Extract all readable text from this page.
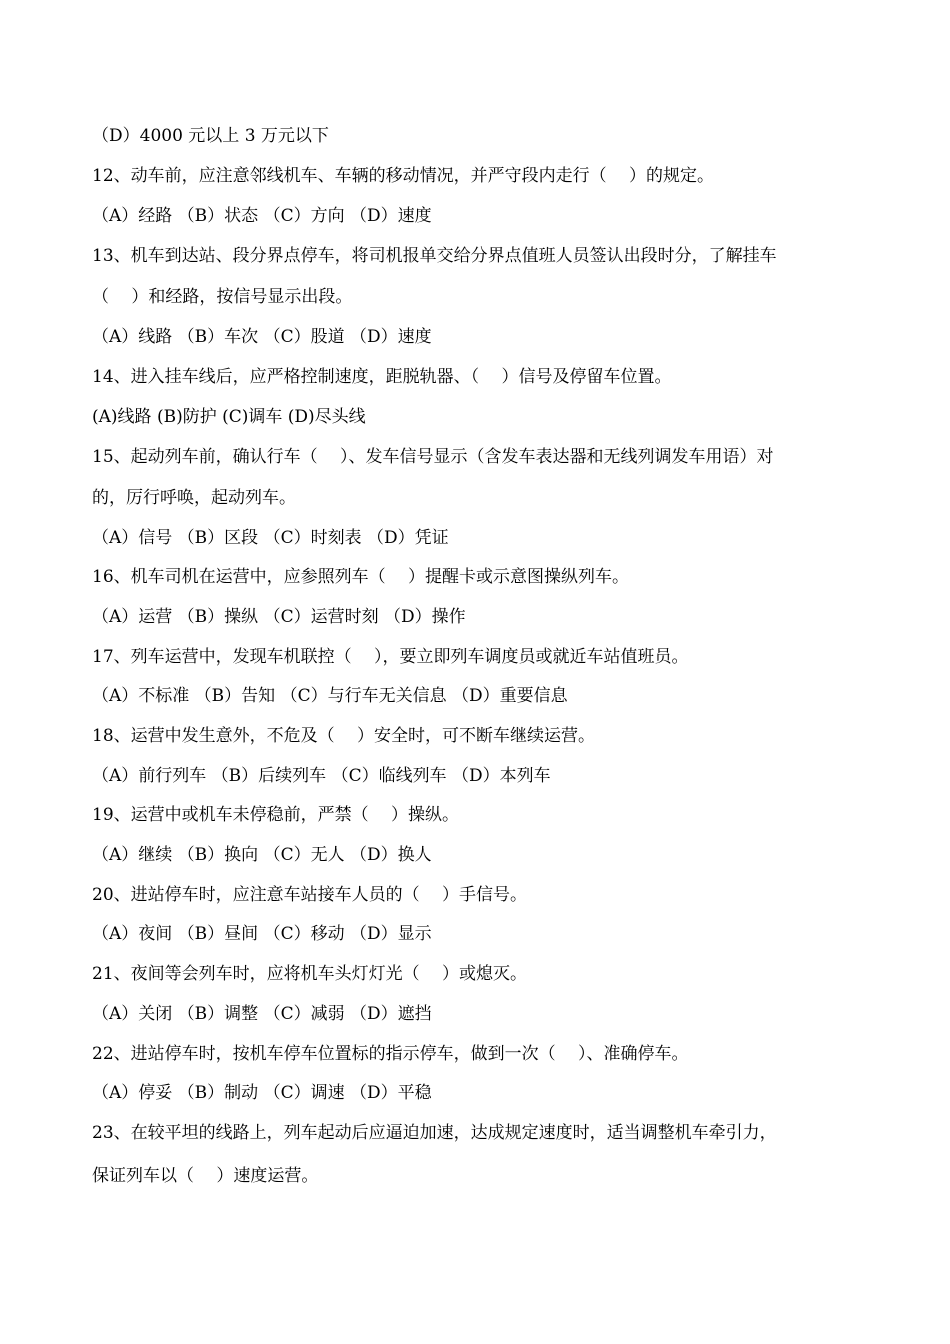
（D）4000 元以上 3 万元以下
12、动车前，应注意邻线机车、车辆的移动情况，并严守段内走行（　 ）的规定。
（A）经路 （B）状态 （C）方向 （D）速度
13、机车到达站、段分界点停车，将司机报单交给分界点值班人员签认出段时分，了解挂车
（　 ）和经路，按信号显示出段。
（A）线路 （B）车次 （C）股道 （D）速度
14、进入挂车线后，应严格控制速度，距脱轨器、（　 ）信号及停留车位置。
(A)线路 (B)防护 (C)调车 (D)尽头线
15、起动列车前，确认行车（　 ）、发车信号显示（含发车表达器和无线列调发车用语）对
的，厉行呼唤，起动列车。
（A）信号 （B）区段 （C）时刻表 （D）凭证
16、机车司机在运营中，应参照列车（　 ）提醒卡或示意图操纵列车。
（A）运营 （B）操纵 （C）运营时刻 （D）操作
17、列车运营中，发现车机联控（　 ），要立即列车调度员或就近车站值班员。
（A）不标准 （B）告知 （C）与行车无关信息 （D）重要信息
18、运营中发生意外，不危及（　 ）安全时，可不断车继续运营。
（A）前行列车 （B）后续列车 （C）临线列车 （D）本列车
19、运营中或机车未停稳前，严禁（　 ）操纵。
（A）继续 （B）换向 （C）无人 （D）换人
20、进站停车时，应注意车站接车人员的（　 ）手信号。
（A）夜间 （B）昼间 （C）移动 （D）显示
21、夜间等会列车时，应将机车头灯灯光（　 ）或熄灭。
（A）关闭 （B）调整 （C）减弱 （D）遮挡
22、进站停车时，按机车停车位置标的指示停车，做到一次（　 ）、准确停车。
（A）停妥 （B）制动 （C）调速 （D）平稳
23、在较平坦的线路上，列车起动后应逼迫加速，达成规定速度时，适当调整机车牵引力，
保证列车以（　 ）速度运营。
